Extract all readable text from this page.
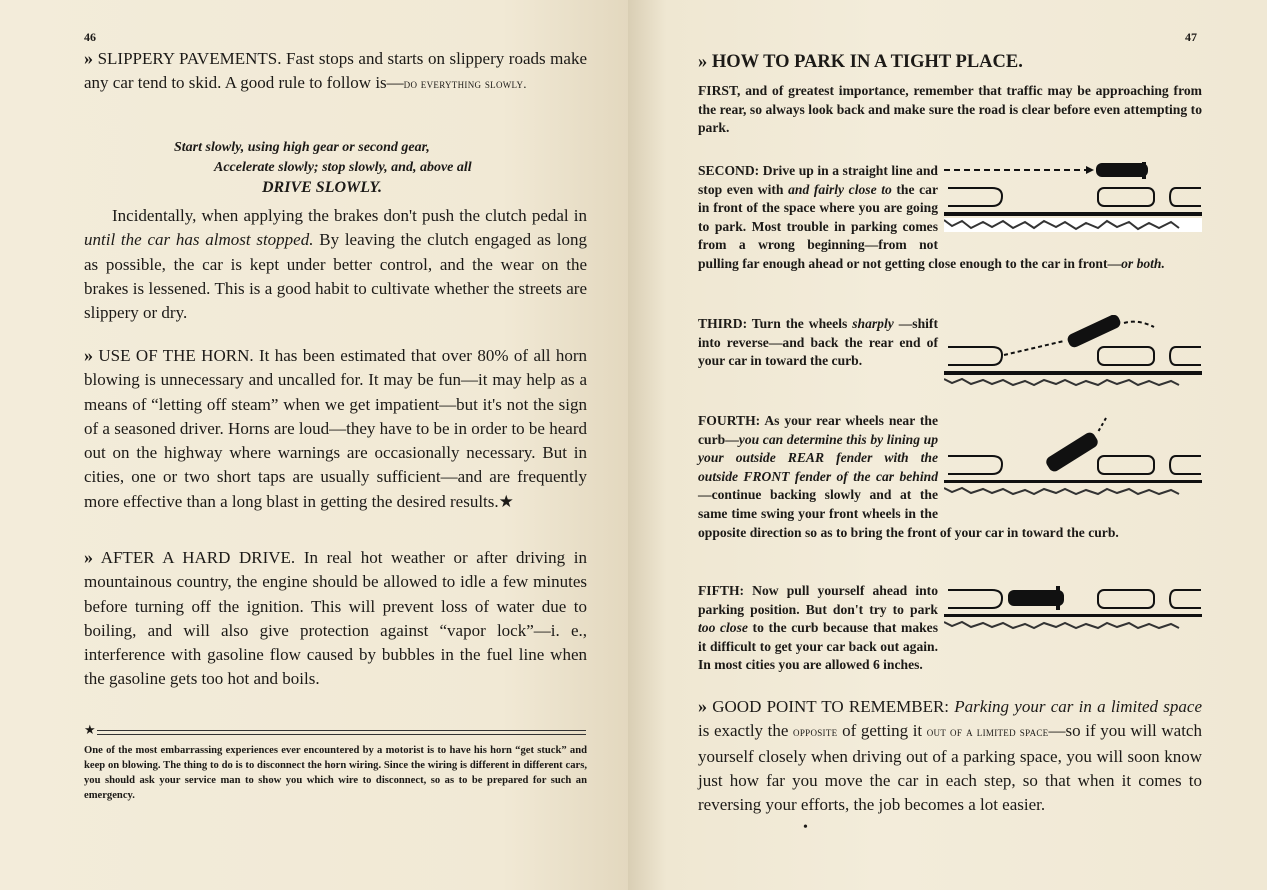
46

» SLIPPERY PAVEMENTS. Fast stops and starts on slippery roads make any car tend to skid. A good rule to follow is—do everything slowly.

Start slowly, using high gear or second gear,
Accelerate slowly; stop slowly, and, above all
DRIVE SLOWLY.

Incidentally, when applying the brakes don't push the clutch pedal in until the car has almost stopped. By leaving the clutch engaged as long as possible, the car is kept under better control, and the wear on the brakes is lessened. This is a good habit to cultivate whether the streets are slippery or dry.

» USE OF THE HORN. It has been estimated that over 80% of all horn blowing is unnecessary and uncalled for. It may be fun—it may help as a means of “letting off steam” when we get impatient—but it's not the sign of a seasoned driver. Horns are loud—they have to be in order to be heard out on the highway where warnings are occasionally necessary. But in cities, one or two short taps are usually sufficient—and are frequently more effective than a long blast in getting the desired results.★

» AFTER A HARD DRIVE. In real hot weather or after driving in mountainous country, the engine should be allowed to idle a few minutes before turning off the ignition. This will prevent loss of water due to boiling, and will also give protection against “vapor lock”—i. e., interference with gasoline flow caused by bubbles in the fuel line when the gasoline gets too hot and boils.

★
One of the most embarrassing experiences ever encountered by a motorist is to have his horn “get stuck” and keep on blowing. The thing to do is to disconnect the horn wiring. Since the wiring is different in different cars, you should ask your service man to show you which wire to disconnect, so as to be prepared for such an emergency.
47
» HOW TO PARK IN A TIGHT PLACE.
FIRST, and of greatest importance, remember that traffic may be approaching from the rear, so always look back and make sure the road is clear before even attempting to park.

SECOND: Drive up in a straight line and stop even with and fairly close to the car in front of the space where you are going to park. Most trouble in parking comes from a wrong beginning—from not pulling far enough ahead or not getting close enough to the car in front—or both.

THIRD: Turn the wheels sharply —shift into reverse—and back the rear end of your car in toward the curb.

FOURTH: As your rear wheels near the curb—you can determine this by lining up your outside REAR fender with the outside FRONT fender of the car behind—continue backing slowly and at the same time swing your front wheels in the opposite direction so as to bring the front of your car in toward the curb.

FIFTH: Now pull yourself ahead into parking position. But don't try to park too close to the curb because that makes it difficult to get your car back out again. In most cities you are allowed 6 inches.

» GOOD POINT TO REMEMBER: Parking your car in a limited space is exactly the opposite of getting it out of a limited space—so if you will watch yourself closely when driving out of a parking space, you will soon know just how far you move the car in each step, so that when it comes to reversing your efforts, the job becomes a lot easier.

•
